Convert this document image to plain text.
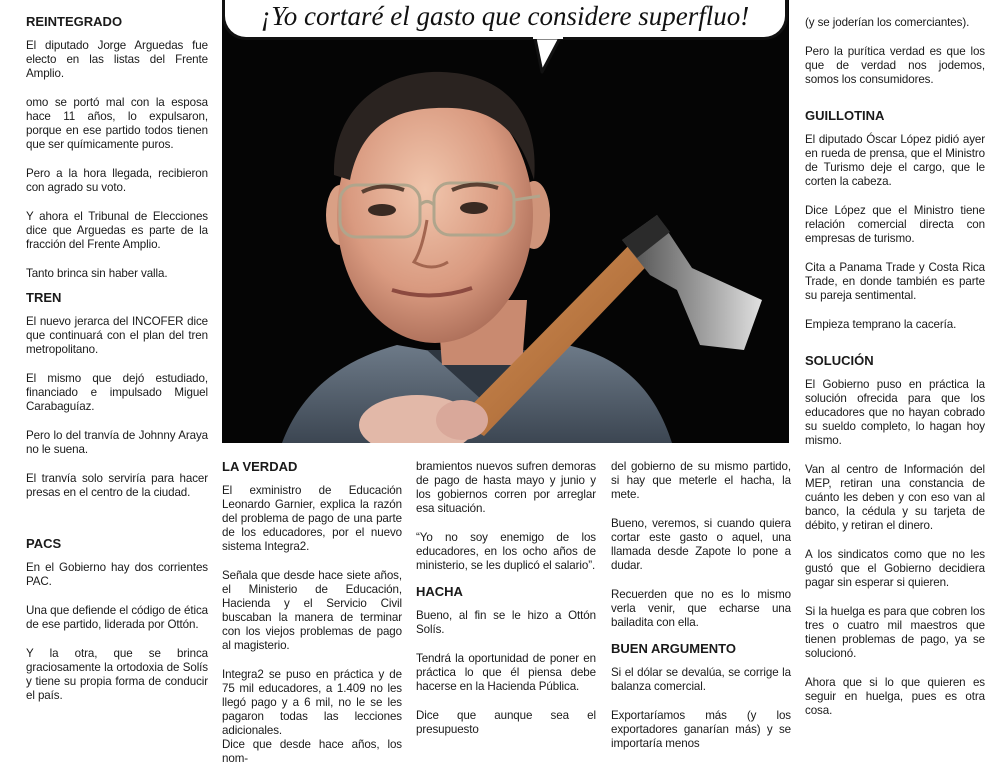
REINTEGRADO

El diputado Jorge Arguedas fue electo en las listas del Frente Amplio.

omo se portó mal con la esposa hace 11 años, lo expulsaron, porque en ese partido todos tienen que ser químicamente puros.

Pero a la hora llegada, recibieron con agrado su voto.

Y ahora el Tribunal de Elecciones dice que Arguedas es parte de la fracción del Frente Amplio.

Tanto brinca sin haber valla.

TREN

El nuevo jerarca del INCOFER dice que continuará con el plan del tren metropolitano.

El mismo que dejó estudiado, financiado e impulsado Miguel Carabaguíaz.

Pero lo del tranvía de Johnny Araya no le suena.

El tranvía solo serviría para hacer presas en el centro de la ciudad.

PACS

En el Gobierno hay dos corrientes PAC.

Una que defiende el código de ética de ese partido, liderada por Ottón.

Y la otra, que se brinca graciosamente la ortodoxia de Solís y tiene su propia forma de conducir el país.

¡Yo cortaré el gasto que considere superfluo!
LA VERDAD

El exministro de Educación Leonardo Garnier, explica la razón del problema de pago de una parte de los educadores, por el nuevo sistema Integra2.

Señala que desde hace siete años, el Ministerio de Educación, Hacienda y el Servicio Civil buscaban la manera de terminar con los viejos problemas de pago al magisterio.

Integra2 se puso en práctica y de 75 mil educadores, a 1.409 no les llegó pago y a 6 mil, no le se les pagaron todas las lecciones adicionales.

Dice que desde hace años, los nom-

bramientos nuevos sufren demoras de pago de hasta mayo y junio y los gobiernos corren por arreglar esa situación.

“Yo no soy enemigo de los educadores, en los ocho años de ministerio, se les duplicó el salario”.

HACHA

Bueno, al fin se le hizo a Ottón Solís.

Tendrá la oportunidad de poner en práctica lo que él piensa debe hacerse en la Hacienda Pública.

Dice que aunque sea el presupuesto

del gobierno de su mismo partido, si hay que meterle el hacha, la mete.

Bueno, veremos, si cuando quiera cortar este gasto o aquel, una llamada desde Zapote lo pone a dudar.

Recuerden que no es lo mismo verla venir, que echarse una bailadita con ella.

BUEN ARGUMENTO

Si el dólar se devalúa, se corrige la balanza comercial.

Exportaríamos más (y los exportadores ganarían más) y se importaría menos

(y se joderían los comerciantes).

Pero la purítica verdad es que los que de verdad nos jodemos, somos los consumidores.

GUILLOTINA

El diputado Óscar López pidió ayer en rueda de prensa, que el Ministro de Turismo deje el cargo, que le corten la cabeza.

Dice López que el Ministro tiene relación comercial directa con empresas de turismo.

Cita a Panama Trade y Costa Rica Trade, en donde también es parte su pareja sentimental.

Empieza temprano la cacería.

SOLUCIÓN

El Gobierno puso en práctica la solución ofrecida para que los educadores que no hayan cobrado su sueldo completo, lo hagan hoy mismo.

Van al centro de Información del MEP, retiran una constancia de cuánto les deben y con eso van al banco, la cédula y su tarjeta de débito, y retiran el dinero.

A los sindicatos como que no les gustó que el Gobierno decidiera pagar sin esperar si quieren.

Si la huelga es para que cobren los tres o cuatro mil maestros que tienen problemas de pago, ya se solucionó.

Ahora que si lo que quieren es seguir en huelga, pues es otra cosa.
